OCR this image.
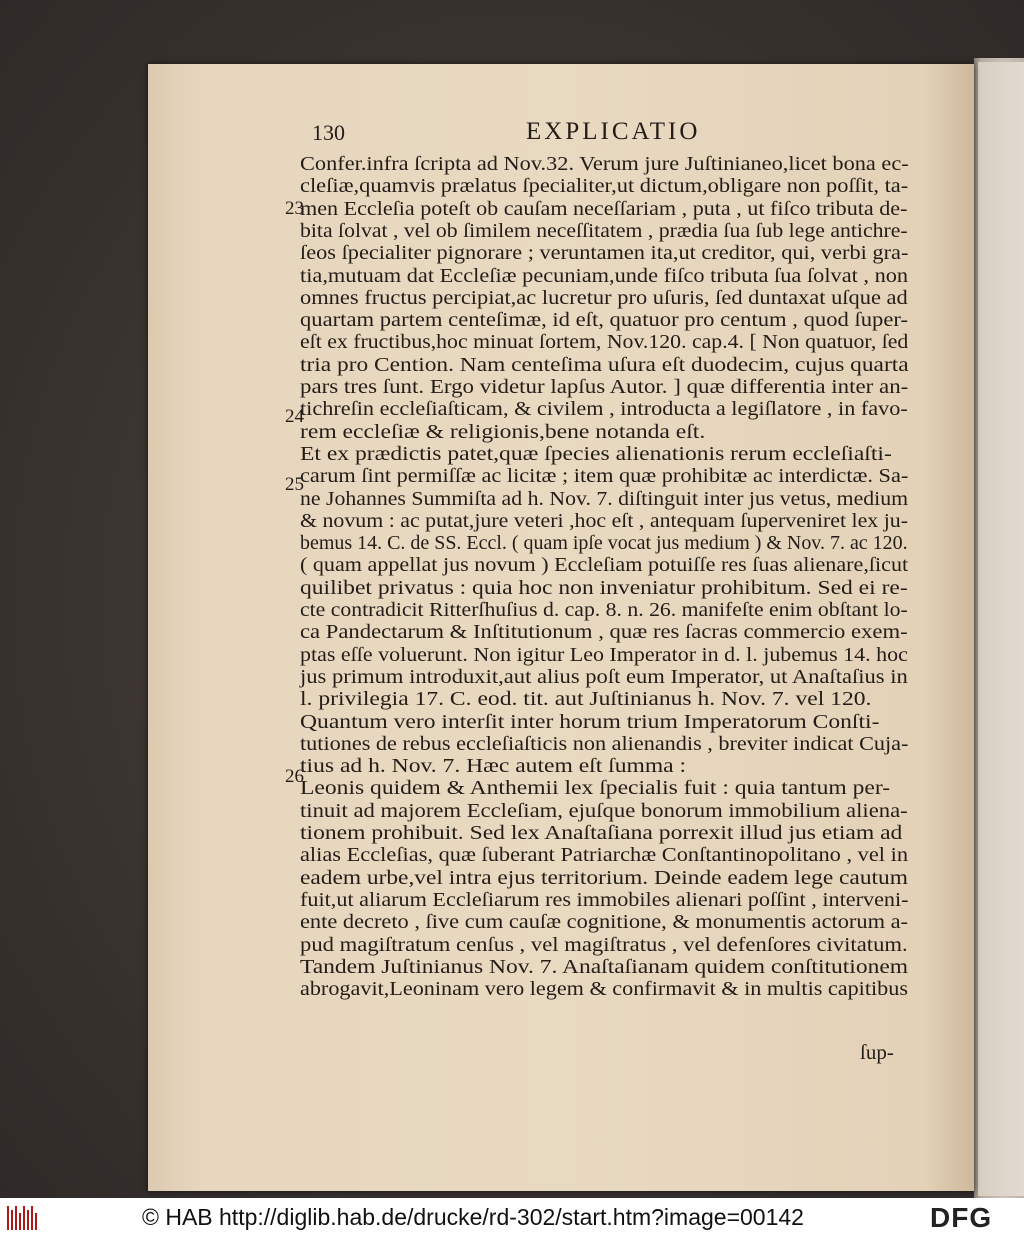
130	EXPLICATIO
23
24
25
26
Confer.infra ſcripta ad Nov.32. Verum jure Juſtinianeo,licet bona ec-
cleſiæ,quamvis prælatus ſpecialiter,ut dictum,obligare non poſſit, ta-
men Eccleſia poteſt ob cauſam neceſſariam , puta , ut fiſco tributa de-
bita ſolvat , vel ob ſimilem neceſſitatem , prædia ſua ſub lege antichre-
ſeos ſpecialiter pignorare ; veruntamen ita,ut creditor, qui, verbi gra-
tia,mutuam dat Eccleſiæ pecuniam,unde fiſco tributa ſua ſolvat , non
omnes fructus percipiat,ac lucretur pro uſuris, ſed duntaxat uſque ad
quartam partem centeſimæ, id eſt, quatuor pro centum , quod ſuper-
eſt ex fructibus,hoc minuat ſortem, Nov.120. cap.4. [ Non quatuor, ſed
tria pro Cention. Nam centeſima uſura eſt duodecim, cujus quarta
pars tres ſunt. Ergo videtur lapſus Autor. ] quæ differentia inter an-
tichreſin eccleſiaſticam, & civilem , introducta a legiſlatore , in favo-
rem eccleſiæ & religionis,bene notanda eſt.
Et ex prædictis patet,quæ ſpecies alienationis rerum eccleſiaſti-
carum ſint permiſſæ ac licitæ ; item quæ prohibitæ ac interdictæ. Sa-
ne Johannes Summiſta ad h. Nov. 7. diſtinguit inter jus vetus, medium
& novum : ac putat,jure veteri ,hoc eſt , antequam ſuperveniret lex ju-
bemus 14. C. de SS. Eccl. ( quam ipſe vocat jus medium ) & Nov. 7. ac 120.
( quam appellat jus novum ) Eccleſiam potuiſſe res ſuas alienare,ſicut
quilibet privatus : quia hoc non inveniatur prohibitum. Sed ei re-
cte contradicit Ritterſhuſius d. cap. 8. n. 26. manifeſte enim obſtant lo-
ca Pandectarum & Inſtitutionum , quæ res ſacras commercio exem-
ptas eſſe voluerunt. Non igitur Leo Imperator in d. l. jubemus 14. hoc
jus primum introduxit,aut alius poſt eum Imperator, ut Anaſtaſius in
l. privilegia 17. C. eod. tit. aut Juſtinianus h. Nov. 7. vel 120.
Quantum vero interſit inter horum trium Imperatorum Conſti-
tutiones de rebus eccleſiaſticis non alienandis , breviter indicat Cuja-
tius ad h. Nov. 7. Hæc autem eſt ſumma :
Leonis quidem & Anthemii lex ſpecialis fuit : quia tantum per-
tinuit ad majorem Eccleſiam, ejuſque bonorum immobilium aliena-
tionem prohibuit. Sed lex Anaſtaſiana porrexit illud jus etiam ad
alias Eccleſias, quæ ſuberant Patriarchæ Conſtantinopolitano , vel in
eadem urbe,vel intra ejus territorium. Deinde eadem lege cautum
fuit,ut aliarum Eccleſiarum res immobiles alienari poſſint , interveni-
ente decreto , ſive cum cauſæ cognitione, & monumentis actorum a-
pud magiſtratum cenſus , vel magiſtratus , vel defenſores civitatum.
Tandem Juſtinianus Nov. 7. Anaſtaſianam quidem conſtitutionem
abrogavit,Leoninam vero legem & confirmavit & in multis capitibus
ſup-
© HAB http://diglib.hab.de/drucke/rd-302/start.htm?image=00142	DFG
